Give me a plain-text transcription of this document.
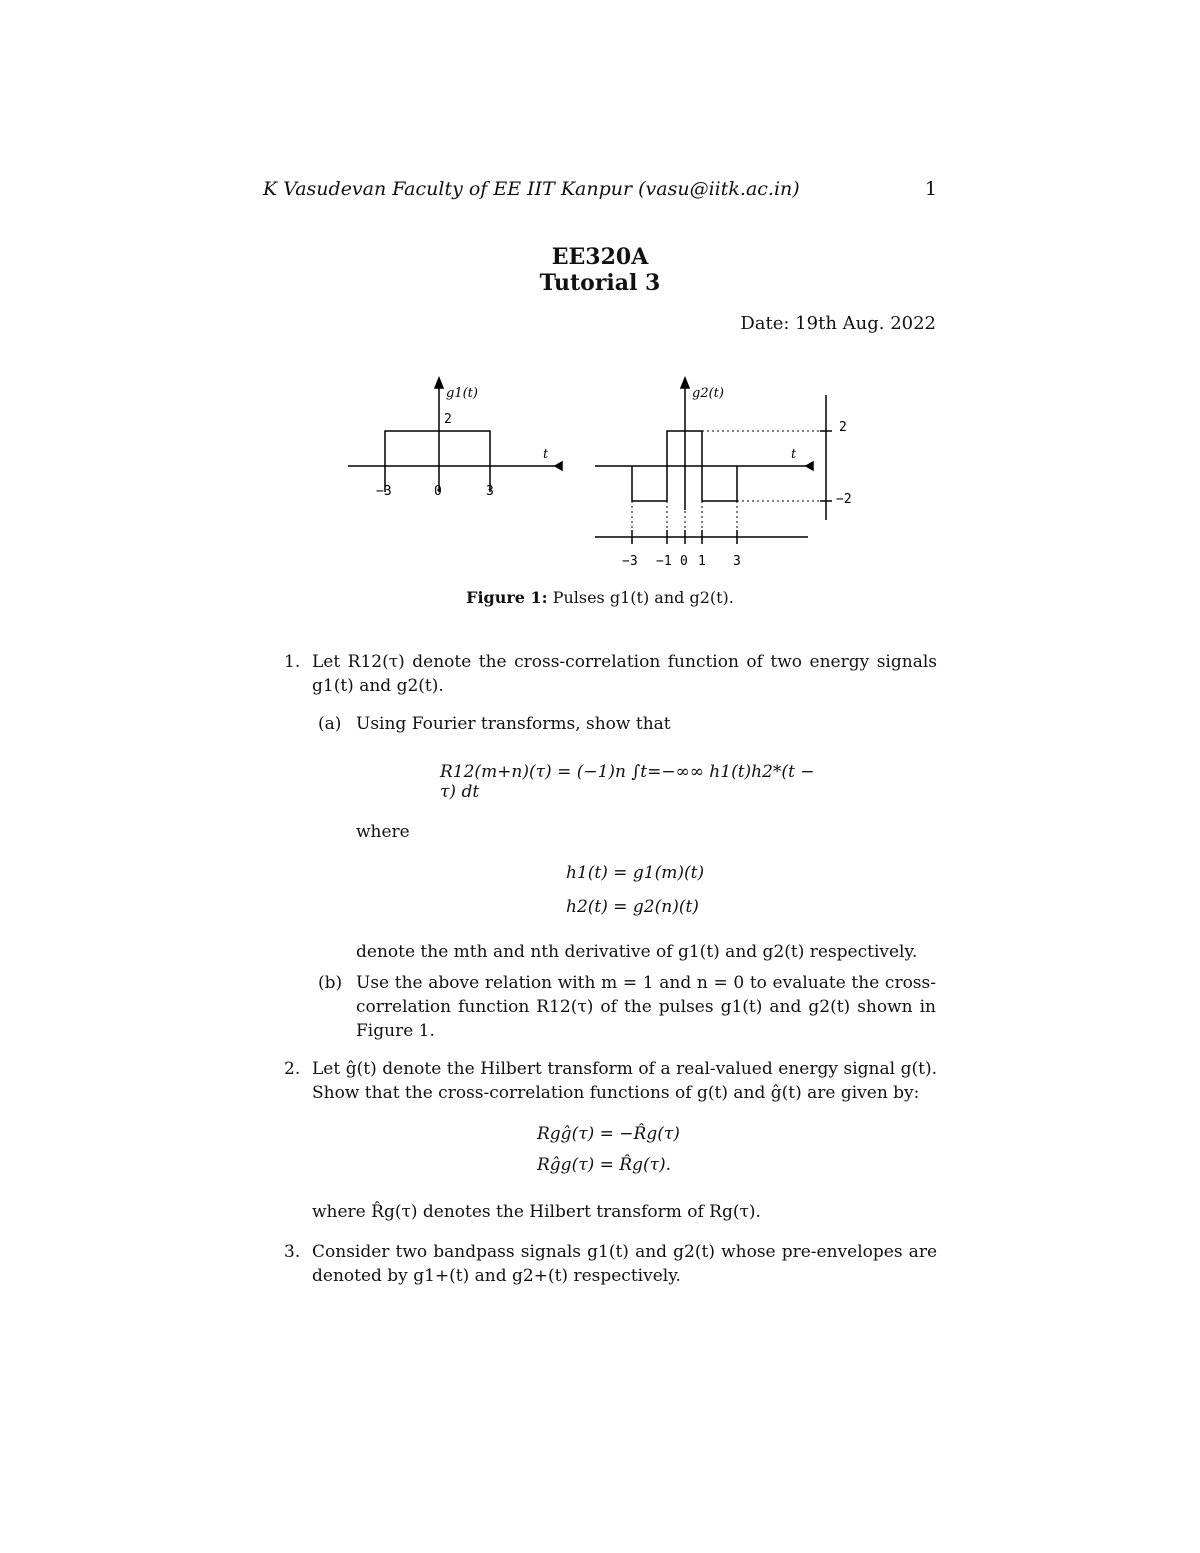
K Vasudevan Faculty of EE IIT Kanpur (vasu@iitk.ac.in)	1
EE320A
Tutorial 3
Date: 19th Aug. 2022
g1(t)
2
t
−3	0	3
g2(t)
t
2
−2
−3 −1 0 1 3
Figure 1: Pulses g1(t) and g2(t).
1. Let R12(τ) denote the cross-correlation function of two energy signals g1(t) and g2(t).
(a) Using Fourier transforms, show that
R12(m+n)(τ) = (−1)n ∫t=−∞∞ h1(t)h2*(t − τ) dt
where
h1(t) = g1(m)(t)
h2(t) = g2(n)(t)
denote the mth and nth derivative of g1(t) and g2(t) respectively.
(b) Use the above relation with m = 1 and n = 0 to evaluate the cross-correlation function R12(τ) of the pulses g1(t) and g2(t) shown in Figure 1.
2. Let ĝ(t) denote the Hilbert transform of a real-valued energy signal g(t). Show that the cross-correlation functions of g(t) and ĝ(t) are given by:
Rgĝ(τ) = −R̂g(τ)
Rĝg(τ) = R̂g(τ).
where R̂g(τ) denotes the Hilbert transform of Rg(τ).
3. Consider two bandpass signals g1(t) and g2(t) whose pre-envelopes are denoted by g1+(t) and g2+(t) respectively.
